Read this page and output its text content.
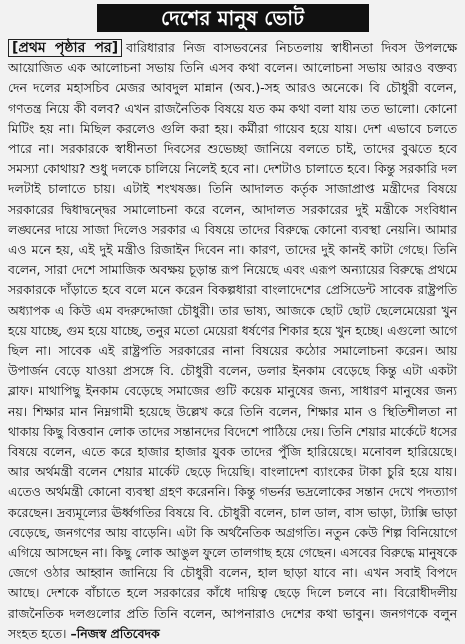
দেশের মানুষ ভোট

[প্রথম পৃষ্ঠার পর] বারিধারার নিজ বাসভবনের নিচতলায় স্বাধীনতা দিবস উপলক্ষে আয়োজিত এক আলোচনা সভায় তিনি এসব কথা বলেন। আলোচনা সভায় আরও বক্তব্য দেন দলের মহাসচিব মেজর আবদুল মান্নান (অব.)-সহ আরও অনেকে। বি চৌধুরী বলেন, গণতন্ত্র নিয়ে কী বলব? এখন রাজনৈতিক বিষয়ে যত কম কথা বলা যায় তত ভালো। কোনো মিটিং হয় না। মিছিল করলেও গুলি করা হয়। কর্মীরা গায়েব হয়ে যায়। দেশ এভাবে চলতে পারে না। সরকারকে স্বাধীনতা দিবসের শুভেচ্ছা জানিয়ে বলতে চাই, তাদের বুঝতে হবে সমস্যা কোথায়? শুধু দলকে চালিয়ে নিলেই হবে না। দেশটাও চালাতে হবে। কিন্তু সরকারি দল দলটাই চালাতে চায়। এটাই শংখষজ্ঞ। তিনি আদালত কর্তৃক সাজাপ্রাপ্ত মন্ত্রীদের বিষয়ে সরকারের দ্বিধাদ্বন্দ্বের সমালোচনা করে বলেন, আদালত সরকারের দুই মন্ত্রীকে সংবিধান লঙ্ঘনের দায়ে সাজা দিলেও সরকার এ বিষয়ে তাদের বিরুদ্ধে কোনো ব্যবস্থা নেয়নি। আমার এও মনে হয়, এই দুই মন্ত্রীও রিজাইন দিবেন না। কারণ, তাদের দুই কানই কাটা গেছে। তিনি বলেন, সারা দেশে সামাজিক অবক্ষয় চূড়ান্ত রূপ নিয়েছে এবং এরূপ অন্যায়ের বিরুদ্ধে প্রথমে সরকারকে দাঁড়াতে হবে বলে মনে করেন বিকল্পধারা বাংলাদেশের প্রেসিডেন্ট সাবেক রাষ্ট্রপতি অধ্যাপক এ কিউ এম বদরুদ্দোজা চৌধুরী। তার ভাষ্য, আজকে ছোট ছোট ছেলেমেয়েরা খুন হয়ে যাচ্ছে, গুম হয়ে যাচ্ছে, তনুর মতো মেয়েরা ধর্ষণের শিকার হয়ে খুন হচ্ছে। এগুলো আগে ছিল না। সাবেক এই রাষ্ট্রপতি সরকারের নানা বিষয়ের কঠোর সমালোচনা করেন। আয় উপার্জন বেড়ে যাওয়া প্রসঙ্গে বি. চৌধুরী বলেন, ডলার ইনকাম বেড়েছে কিন্তু এটা একটা ব্লাফ। মাথাপিছু ইনকাম বেড়েছে সমাজের গুটি কয়েক মানুষের জন্য, সাধারণ মানুষের জন্য নয়। শিক্ষার মান নিম্নগামী হয়েছে উল্লেখ করে তিনি বলেন, শিক্ষার মান ও স্থিতিশীলতা না থাকায় কিছু বিত্তবান লোক তাদের সন্তানদের বিদেশে পাঠিয়ে দেয়। তিনি শেয়ার মার্কেটে ধসের বিষয়ে বলেন, এতে করে হাজার হাজার যুবক তাদের পুঁজি হারিয়েছে। মনোবল হারিয়েছে। আর অর্থমন্ত্রী বলেন শেয়ার মার্কেট ছেড়ে দিয়েছি। বাংলাদেশ ব্যাংকের টাকা চুরি হয়ে যায়। এতেও অর্থমন্ত্রী কোনো ব্যবস্থা গ্রহণ করেননি। কিন্তু গভর্নর ভদ্রলোকের সন্তান দেখে পদত্যাগ করেছেন। দ্রব্যমূল্যের ঊর্ধ্বগতির বিষয়ে বি. চৌধুরী বলেন, চাল ডাল, বাস ভাড়া, ট্যাক্সি ভাড়া বেড়েছে, জনগণের আয় বাড়েনি। এটা কি অর্থনৈতিক অগ্রগতি। নতুন কেউ শিল্প বিনিয়োগে এগিয়ে আসছেন না। কিছু লোক আঙুল ফুলে তালগাছ হয়ে গেছেন। এসবের বিরুদ্ধে মানুষকে জেগে ওঠার আহ্বান জানিয়ে বি চৌধুরী বলেন, হাল ছাড়া যাবে না। এখন সবাই বিপদে আছে। দেশকে বাঁচাতে হলে সরকারের কাঁধে দায়িত্ব ছেড়ে দিলে চলবে না। বিরোধীদলীয় রাজনৈতিক দলগুলোর প্রতি তিনি বলেন, আপনারাও দেশের কথা ভাবুন। জনগণকে বলুন সংহত হতে। –নিজস্ব প্রতিবেদক
